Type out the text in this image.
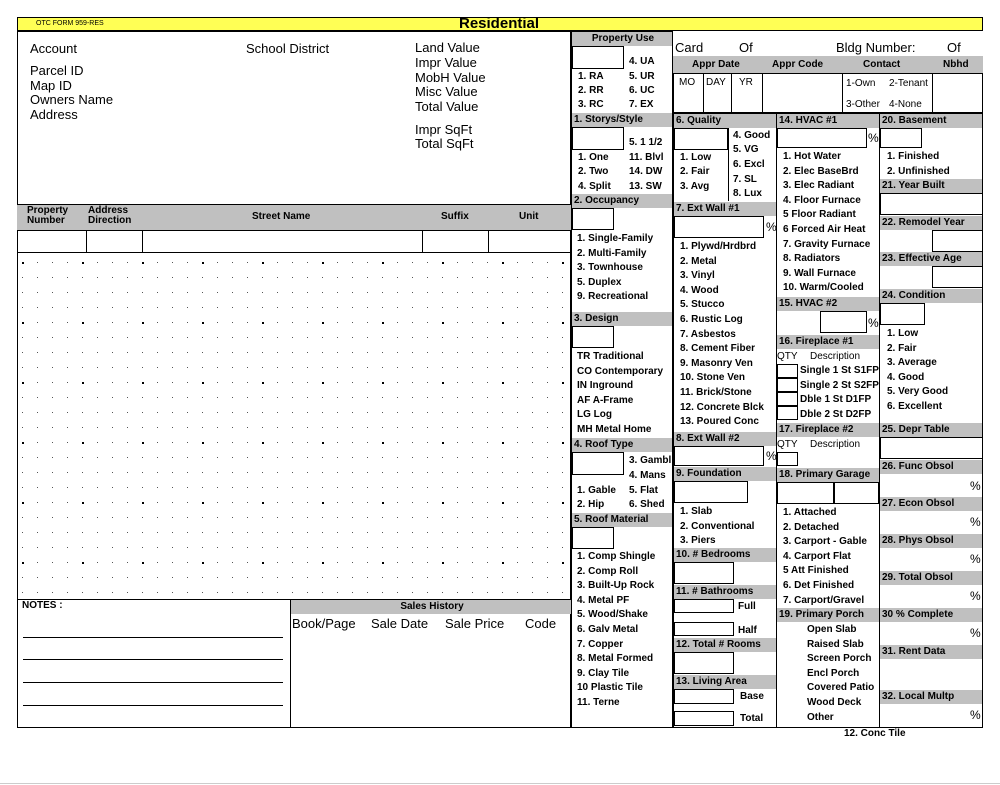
OTC FORM 959-RES	Residential
Account	School District
Parcel ID
Map ID
Owners Name
Address
Land Value
Impr Value
MobH Value
Misc Value
Total Value
Impr SqFt
Total SqFt
Property Number
Address Direction	Street Name	Suffix	Unit
NOTES :	Sales History
Book/Page Sale Date Sale Price Code
Property Use
4. UA
1. RA	5. UR
2. RR	6. UC
3. RC	7. EX
1. Storys/Style
5. 1 1/2
1. One 11. Blvl
2. Two 14. DW
4. Split 13. SW
2. Occupancy
1. Single-Family
2. Multi-Family
3. Townhouse
5. Duplex
9. Recreational
3. Design
TR Traditional
CO Contemporary
IN Inground
AF A-Frame
LG Log
MH Metal Home
4. Roof Type
3. Gambl
4. Mans
1. Gable 5. Flat
2. Hip 6. Shed
5. Roof Material
1. Comp Shingle
2. Comp Roll
3. Built-Up Rock
4. Metal PF
5. Wood/Shake
6. Galv Metal
7. Copper
8. Metal Formed
9. Clay Tile
10 Plastic Tile
11. Terne
12. Conc Tile
Card	Of	Bldg Number: Of
Appr Date	Appr Code	Contact	Nbhd
MO DAY YR	1-Own 2-Tenant
3-Other 4-None
6. Quality
4. Good
5. VG
1. Low
6. Excl
2. Fair
7. SL
3. Avg
8. Lux
7. Ext Wall #1
%
1. Plywd/Hrdbrd
2. Metal
3. Vinyl
4. Wood
5. Stucco
6. Rustic Log
7. Asbestos
8. Cement Fiber
9. Masonry Ven
10. Stone Ven
11. Brick/Stone
12. Concrete Blck
13. Poured Conc
8. Ext Wall #2
%
9. Foundation
1. Slab
2. Conventional
3. Piers
10. # Bedrooms
11. # Bathrooms
Full
Half
12. Total # Rooms
13. Living Area
Base
Total
14. HVAC #1
%
1. Hot Water
2. Elec BaseBrd
3. Elec Radiant
4. Floor Furnace
5 Floor Radiant
6 Forced Air Heat
7. Gravity Furnace
8. Radiators
9. Wall Furnace
10. Warm/Cooled
15. HVAC #2
%
16. Fireplace #1
QTY Description
Single 1 St S1FP
Single 2 St S2FP
Dble 1 St D1FP
Dble 2 St D2FP
17. Fireplace #2
QTY Description
18. Primary Garage
1. Attached
2. Detached
3. Carport - Gable
4. Carport Flat
5 Att Finished
6. Det Finished
7. Carport/Gravel
19. Primary Porch
Open Slab
Raised Slab
Screen Porch
Encl Porch
Covered Patio
Wood Deck
Other
20. Basement
1. Finished
2. Unfinished
21. Year Built
22. Remodel Year
23. Effective Age
24. Condition
1. Low
2. Fair
3. Average
4. Good
5. Very Good
6. Excellent
25. Depr Table
26. Func Obsol
%
27. Econ Obsol
%
28. Phys Obsol
%
29. Total Obsol
%
30 % Complete
%
31. Rent Data
32. Local Multp
%
